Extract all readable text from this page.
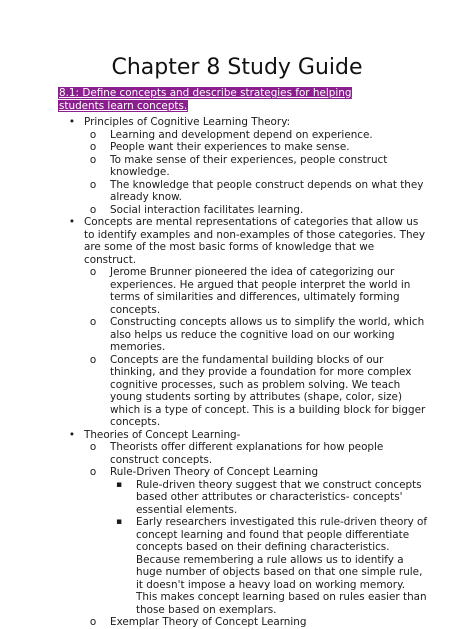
Chapter 8 Study Guide
8.1: Define concepts and describe strategies for helping students learn concepts.
• Principles of Cognitive Learning Theory:
o Learning and development depend on experience.
o People want their experiences to make sense.
o To make sense of their experiences, people construct knowledge.
o The knowledge that people construct depends on what they already know.
o Social interaction facilitates learning.
• Concepts are mental representations of categories that allow us to identify examples and non-examples of those categories. They are some of the most basic forms of knowledge that we construct.
o Jerome Brunner pioneered the idea of categorizing our experiences. He argued that people interpret the world in terms of similarities and differences, ultimately forming concepts.
o Constructing concepts allows us to simplify the world, which also helps us reduce the cognitive load on our working memories.
o Concepts are the fundamental building blocks of our thinking, and they provide a foundation for more complex cognitive processes, such as problem solving. We teach young students sorting by attributes (shape, color, size) which is a type of concept. This is a building block for bigger concepts.
• Theories of Concept Learning-
o Theorists offer different explanations for how people construct concepts.
o Rule-Driven Theory of Concept Learning
▪ Rule-driven theory suggest that we construct concepts based other attributes or characteristics- concepts' essential elements.
▪ Early researchers investigated this rule-driven theory of concept learning and found that people differentiate concepts based on their defining characteristics. Because remembering a rule allows us to identify a huge number of objects based on that one simple rule, it doesn't impose a heavy load on working memory. This makes concept learning based on rules easier than those based on exemplars.
o Exemplar Theory of Concept Learning
